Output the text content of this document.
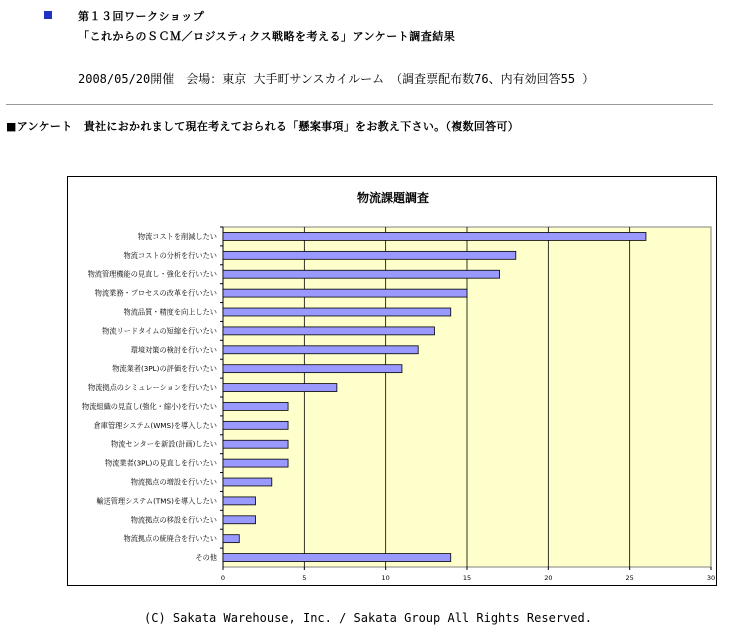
第１３回ワークショップ
「これからのＳＣＭ／ロジスティクス戦略を考える」アンケート調査結果
2008/05/20開催　会場：東京 大手町サンスカイルーム　（調査票配布数76、内有効回答55 ）
■アンケート　貴社におかれまして現在考えておられる「懸案事項」をお教え下さい。（複数回答可）
物流課題調査
0	5	10	15	20	25	30
物流コストを削減したい
物流コストの分析を行いたい
物流管理機能の見直し・強化を行いたい
物流業務・プロセスの改革を行いたい
物流品質・精度を向上したい
物流リードタイムの短縮を行いたい
環境対策の検討を行いたい
物流業者(3PL)の評価を行いたい
物流拠点のシミュレーションを行いたい
物流組織の見直し(強化・縮小)を行いたい
倉庫管理システム(WMS)を導入したい
物流センターを新設(計画)したい
物流業者(3PL)の見直しを行いたい
物流拠点の増設を行いたい
輸送管理システム(TMS)を導入したい
物流拠点の移設を行いたい
物流拠点の統廃合を行いたい
その他
(C) Sakata Warehouse, Inc. / Sakata Group All Rights Reserved.
